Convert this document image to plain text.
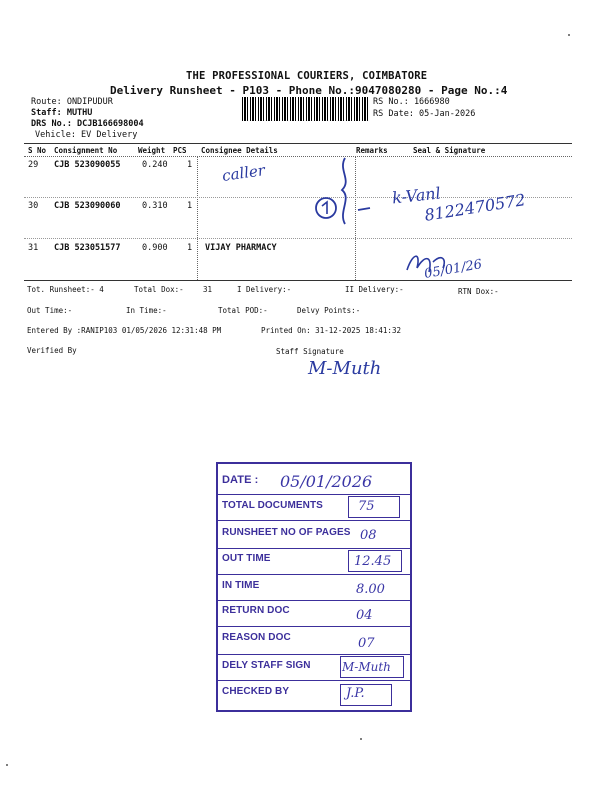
THE PROFESSIONAL COURIERS, COIMBATORE
Delivery Runsheet - P103 - Phone No.:9047080280 - Page No.:4
Route: ONDIPUDUR
Staff: MUTHU
DRS No.: DCJB166698004
Vehicle: EV Delivery
RS No.: 1666980
RS Date: 05-Jan-2026
S No Consignment No	Weight PCS Consignee Details	Remarks	Seal & Signature
29 CJB 523090055	0.240 1
30 CJB 523090060	0.310 1
31 CJB 523051577	0.900 1 VIJAY PHARMACY
caller
k-Vanl
8122470572
05/01/26
Tot. Runsheet:- 4	Total Dox:-	31	I Delivery:-	II Delivery:-	RTN Dox:-
Out Time:-	In Time:-	Total POD:-	Delvy Points:-
Entered By :RANIP103 01/05/2026 12:31:48 PM	Printed On: 31-12-2025 18:41:32
Verified By	Staff Signature
M-Muth
DATE : 05/01/2026
TOTAL DOCUMENTS	75
RUNSHEET NO OF PAGES 08
OUT TIME	12.45
IN TIME	8.00
RETURN DOC	04
REASON DOC	07
DELY STAFF SIGN	M-Muth
CHECKED BY	J.P.
